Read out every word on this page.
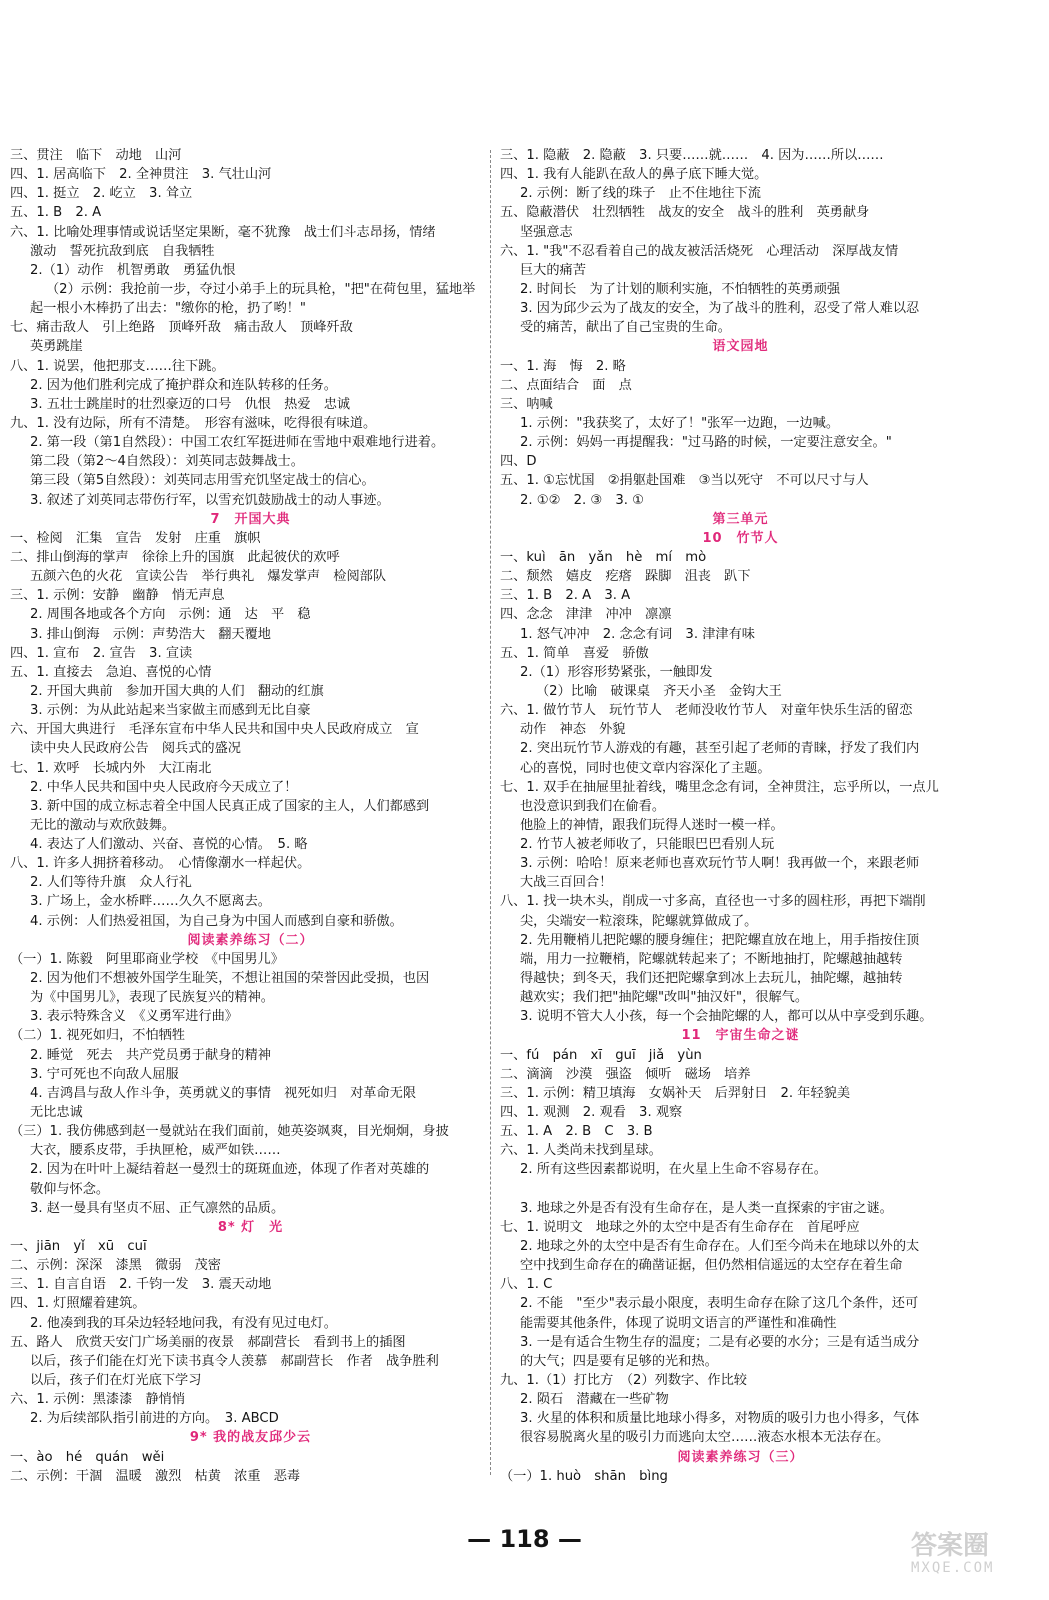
三、贯注　临下　动地　山河
四、1. 居高临下　2. 全神贯注　3. 气壮山河
四、1. 挺立　2. 屹立　3. 耸立
五、1. B　2. A
六、1. 比喻处理事情或说话坚定果断，毫不犹豫　战士们斗志昂扬，情绪
激动　誓死抗敌到底　自我牺牲
2.（1）动作　机智勇敢　勇猛仇恨
（2）示例：我抢前一步，夺过小弟手上的玩具枪，"把"在荷包里，猛地举
起一根小木棒扔了出去："缴你的枪，扔了哟！"
七、痛击敌人　引上绝路　顶峰歼敌　痛击敌人　顶峰歼敌
英勇跳崖
八、1. 说罢，他把那支……往下跳。
2. 因为他们胜利完成了掩护群众和连队转移的任务。
3. 五壮士跳崖时的壮烈豪迈的口号　仇恨　热爱　忠诚
九、1. 没有边际，所有不清楚。　形容有滋味，吃得很有味道。
2. 第一段（第1自然段）：中国工农红军挺进师在雪地中艰难地行进着。
第二段（第2～4自然段）：刘英同志鼓舞战士。
第三段（第5自然段）：刘英同志用雪充饥坚定战士的信心。
3. 叙述了刘英同志带伤行军，以雪充饥鼓励战士的动人事迹。
7　开国大典
一、检阅　汇集　宣告　发射　庄重　旗帜
二、排山倒海的掌声　徐徐上升的国旗　此起彼伏的欢呼
五颜六色的火花　宣读公告　举行典礼　爆发掌声　检阅部队
三、1. 示例：安静　幽静　悄无声息
2. 周围各地或各个方向　示例：通　达　平　稳
3. 排山倒海　示例：声势浩大　翻天覆地
四、1. 宣布　2. 宣告　3. 宣读
五、1. 直接去　急迫、喜悦的心情
2. 开国大典前　参加开国大典的人们　翻动的红旗
3. 示例：为从此站起来当家做主而感到无比自豪
六、开国大典进行　毛泽东宣布中华人民共和国中央人民政府成立　宣
读中央人民政府公告　阅兵式的盛况
七、1. 欢呼　长城内外　大江南北
2. 中华人民共和国中央人民政府今天成立了！
3. 新中国的成立标志着全中国人民真正成了国家的主人，人们都感到
无比的激动与欢欣鼓舞。
4. 表达了人们激动、兴奋、喜悦的心情。　5. 略
八、1. 许多人拥挤着移动。　心情像潮水一样起伏。
2. 人们等待升旗　众人行礼
3. 广场上，金水桥畔……久久不愿离去。
4. 示例：人们热爱祖国，为自己身为中国人而感到自豪和骄傲。
阅读素养练习（二）
（一）1. 陈毅　阿里耶商业学校　《中国男儿》
2. 因为他们不想被外国学生耻笑，不想让祖国的荣誉因此受损，也因
为《中国男儿》，表现了民族复兴的精神。
3. 表示特殊含义　《义勇军进行曲》
（二）1. 视死如归，不怕牺牲
2. 睡觉　死去　共产党员勇于献身的精神
3. 宁可死也不向敌人屈服
4. 吉鸿昌与敌人作斗争，英勇就义的事情　视死如归　对革命无限
无比忠诚
（三）1. 我仿佛感到赵一曼就站在我们面前，她英姿飒爽，目光炯炯，身披
大衣，腰系皮带，手执匣枪，威严如铁……
2. 因为在叶叶上凝结着赵一曼烈士的斑斑血迹，体现了作者对英雄的
敬仰与怀念。
3. 赵一曼具有坚贞不屈、正气凛然的品质。
8* 灯　光
一、jiān　yǐ　xū　cuī
二、示例：深深　漆黑　微弱　茂密
三、1. 自言自语　2. 千钧一发　3. 震天动地
四、1. 灯照耀着建筑。
2. 他凑到我的耳朵边轻轻地问我，有没有见过电灯。
五、路人　欣赏天安门广场美丽的夜景　郝副营长　看到书上的插图
以后，孩子们能在灯光下读书真令人羡慕　郝副营长　作者　战争胜利
以后，孩子们在灯光底下学习
六、1. 示例：黑漆漆　静悄悄
2. 为后续部队指引前进的方向。　3. ABCD
9* 我的战友邱少云
一、ào　hé　quán　wěi
二、示例：干涸　温暖　激烈　枯黄　浓重　恶毒
三、1. 隐蔽　2. 隐蔽　3. 只要……就……　4. 因为……所以……
四、1. 我有人能趴在敌人的鼻子底下睡大觉。
2. 示例：断了线的珠子　止不住地往下流
五、隐蔽潜伏　壮烈牺牲　战友的安全　战斗的胜利　英勇献身
坚强意志
六、1. "我"不忍看着自己的战友被活活烧死　心理活动　深厚战友情
巨大的痛苦
2. 时间长　为了计划的顺利实施，不怕牺牲的英勇顽强
3. 因为邱少云为了战友的安全，为了战斗的胜利，忍受了常人难以忍
受的痛苦，献出了自己宝贵的生命。
语文园地
一、1. 海　悔　2. 略
二、点面结合　面　点
三、呐喊
1. 示例："我获奖了，太好了！"张军一边跑，一边喊。
2. 示例：妈妈一再提醒我："过马路的时候，一定要注意安全。"
四、D
五、1. ①忘忧国　②捐躯赴国难　③当以死守　不可以尺寸与人
2. ①②　2. ③　3. ①
第三单元
10　竹节人
一、kuì　ān　yǎn　hè　mí　mò
二、颓然　嬉皮　疙瘩　跺脚　沮丧　趴下
三、1. B　2. A　3. A
四、念念　津津　冲冲　凛凛
1. 怒气冲冲　2. 念念有词　3. 津津有味
五、1. 简单　喜爱　骄傲
2.（1）形容形势紧张，一触即发
（2）比喻　破课桌　齐天小圣　金钩大王
六、1. 做竹节人　玩竹节人　老师没收竹节人　对童年快乐生活的留恋
动作　神态　外貌
2. 突出玩竹节人游戏的有趣，甚至引起了老师的青睐，抒发了我们内
心的喜悦，同时也使文章内容深化了主题。
七、1. 双手在抽屉里扯着线，嘴里念念有词，全神贯注，忘乎所以，一点儿
也没意识到我们在偷看。
他脸上的神情，跟我们玩得人迷时一模一样。
2. 竹节人被老师收了，只能眼巴巴看别人玩
3. 示例：哈哈！原来老师也喜欢玩竹节人啊！我再做一个，来跟老师
大战三百回合！
八、1. 找一块木头，削成一寸多高，直径也一寸多的圆柱形，再把下端削
尖，尖端安一粒滚珠，陀螺就算做成了。
2. 先用鞭梢儿把陀螺的腰身缠住；把陀螺直放在地上，用手指按住顶
端，用力一拉鞭梢，陀螺就转起来了；不断地抽打，陀螺越抽越转
得越快；到冬天，我们还把陀螺拿到冰上去玩儿，抽陀螺，越抽转
越欢实；我们把"抽陀螺"改叫"抽汉奸"，很解气。
3. 说明不管大人小孩，每一个会抽陀螺的人，都可以从中享受到乐趣。
11　宇宙生命之谜
一、fú　pán　xī　guī　jiǎ　yùn
二、滴滴　沙漠　强盗　倾听　磁场　培养
三、1. 示例：精卫填海　女娲补天　后羿射日　2. 年轻貌美
四、1. 观测　2. 观看　3. 观察
五、1. A　2. B　C　3. B
六、1. 人类尚未找到星球。
2. 所有这些因素都说明，在火星上生命不容易存在。
3. 地球之外是否有没有生命存在，是人类一直探索的宇宙之谜。
七、1. 说明文　地球之外的太空中是否有生命存在　首尾呼应
2. 地球之外的太空中是否有生命存在。人们至今尚未在地球以外的太
空中找到生命存在的确凿证据，但仍然相信遥远的太空存在着生命
八、1. C
2. 不能　"至少"表示最小限度，表明生命存在除了这几个条件，还可
能需要其他条件，体现了说明文语言的严谨性和准确性
3. 一是有适合生物生存的温度；二是有必要的水分；三是有适当成分
的大气；四是要有足够的光和热。
九、1.（1）打比方　（2）列数字、作比较
2. 陨石　潜藏在一些矿物
3. 火星的体积和质量比地球小得多，对物质的吸引力也小得多，气体
很容易脱离火星的吸引力而逃向太空……液态水根本无法存在。
阅读素养练习（三）
（一）1. huò　shān　bìng
— 118 —	答案圈
MXQE.COM
